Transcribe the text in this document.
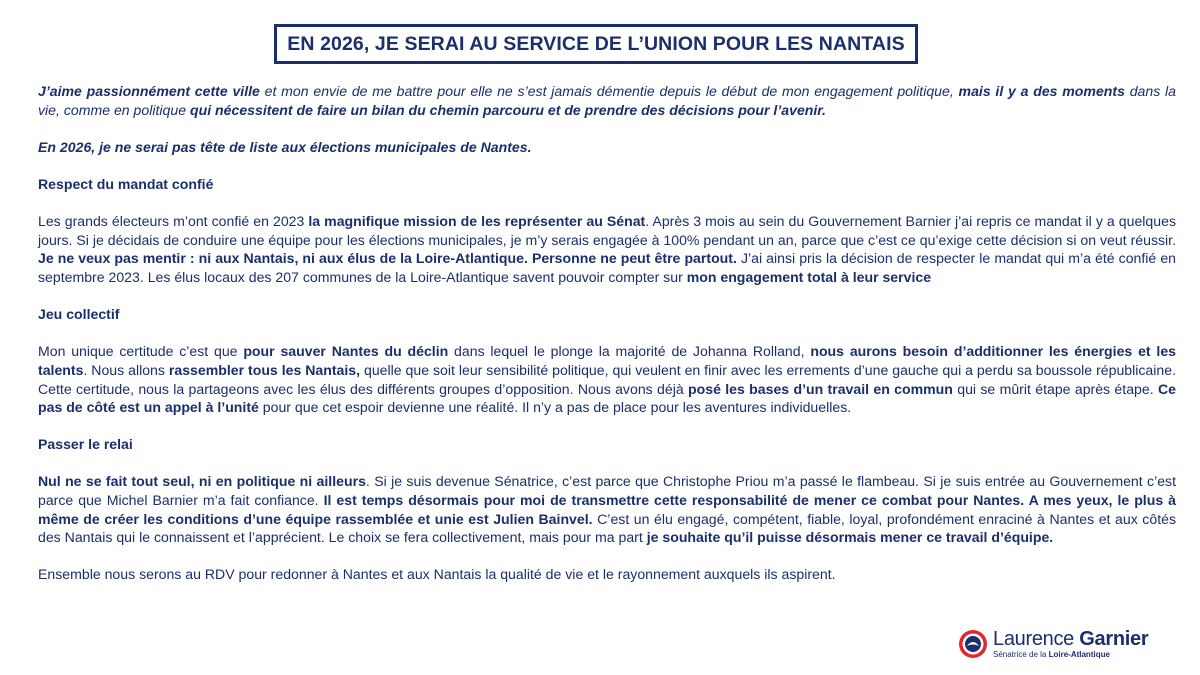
EN 2026, JE SERAI AU SERVICE DE L’UNION POUR LES NANTAIS

J’aime passionnément cette ville et mon envie de me battre pour elle ne s’est jamais démentie depuis le début de mon engagement politique, mais il y a des moments dans la vie, comme en politique qui nécessitent de faire un bilan du chemin parcouru et de prendre des décisions pour l’avenir.

En 2026, je ne serai pas tête de liste aux élections municipales de Nantes.

Respect du mandat confié

Les grands électeurs m’ont confié en 2023 la magnifique mission de les représenter au Sénat. Après 3 mois au sein du Gouvernement Barnier j’ai repris ce mandat il y a quelques jours. Si je décidais de conduire une équipe pour les élections municipales, je m’y serais engagée à 100% pendant un an, parce que c’est ce qu’exige cette décision si on veut réussir. Je ne veux pas mentir : ni aux Nantais, ni aux élus de la Loire-Atlantique. Personne ne peut être partout. J’ai ainsi pris la décision de respecter le mandat qui m’a été confié en septembre 2023. Les élus locaux des 207 communes de la Loire-Atlantique savent pouvoir compter sur mon engagement total à leur service

Jeu collectif

Mon unique certitude c’est que pour sauver Nantes du déclin dans lequel le plonge la majorité de Johanna Rolland, nous aurons besoin d’additionner les énergies et les talents. Nous allons rassembler tous les Nantais, quelle que soit leur sensibilité politique, qui veulent en finir avec les errements d’une gauche qui a perdu sa boussole républicaine. Cette certitude, nous la partageons avec les élus des différents groupes d’opposition. Nous avons déjà posé les bases d’un travail en commun qui se mûrit étape après étape. Ce pas de côté est un appel à l’unité pour que cet espoir devienne une réalité. Il n’y a pas de place pour les aventures individuelles.

Passer le relai

Nul ne se fait tout seul, ni en politique ni ailleurs. Si je suis devenue Sénatrice, c’est parce que Christophe Priou m’a passé le flambeau. Si je suis entrée au Gouvernement c’est parce que Michel Barnier m’a fait confiance. Il est temps désormais pour moi de transmettre cette responsabilité de mener ce combat pour Nantes. A mes yeux, le plus à même de créer les conditions d’une équipe rassemblée et unie est Julien Bainvel. C’est un élu engagé, compétent, fiable, loyal, profondément enraciné à Nantes et aux côtés des Nantais qui le connaissent et l’apprécient. Le choix se fera collectivement, mais pour ma part je souhaite qu’il puisse désormais mener ce travail d’équipe.

Ensemble nous serons au RDV pour redonner à Nantes et aux Nantais la qualité de vie et le rayonnement auxquels ils aspirent.

Laurence Garnier
Sénatrice de la Loire-Atlantique
